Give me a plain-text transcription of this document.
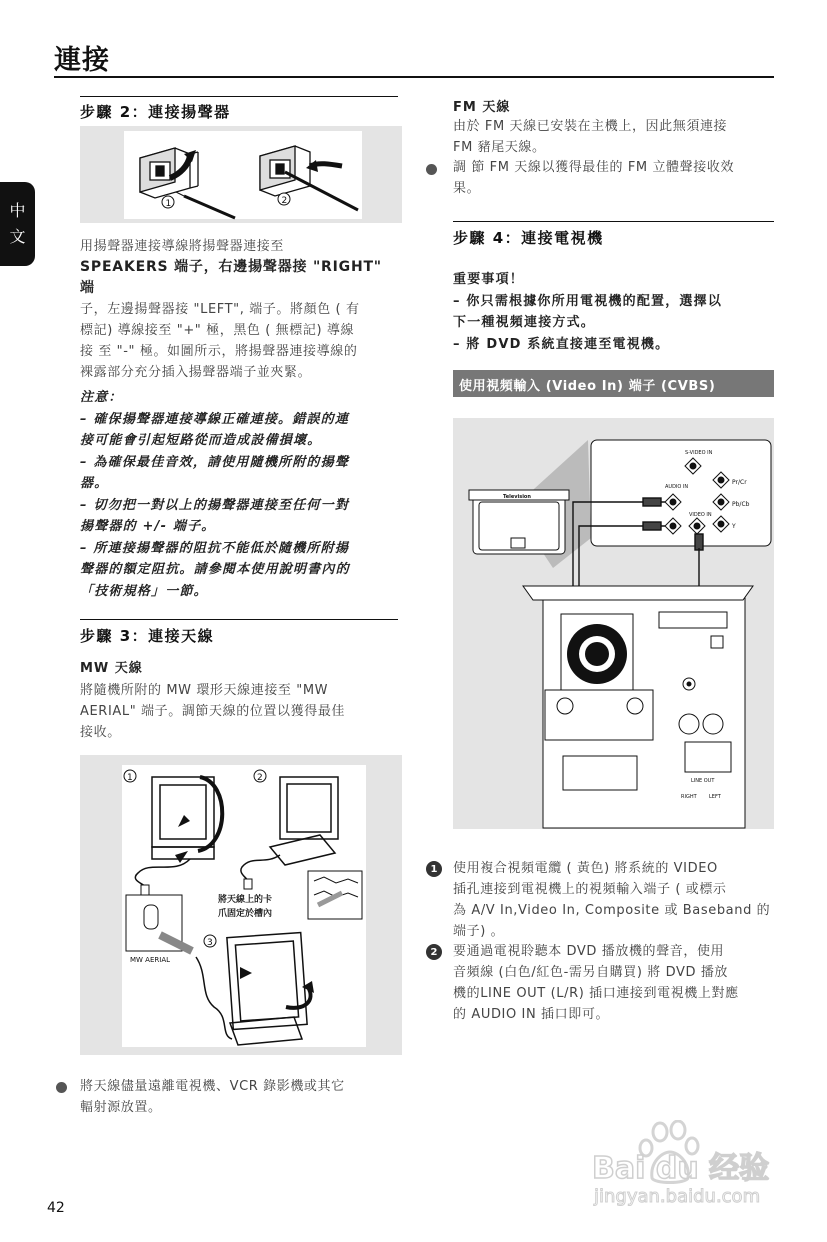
連接
中
文
步驟 2：連接揚聲器
1	2
用揚聲器連接導線將揚聲器連接至
SPEAKERS 端子，右邊揚聲器接 "RIGHT" 端
子，左邊揚聲器接 "LEFT", 端子。將顏色 ( 有
標記) 導線接至 "+" 極，黑色 ( 無標記) 導線
接 至 "-" 極。如圖所示，將揚聲器連接導線的
裸露部分充分插入揚聲器端子並夾緊。
注意：
– 確保揚聲器連接導線正確連接。錯誤的連
接可能會引起短路從而造成設備損壞。
– 為確保最佳音效，請使用隨機所附的揚聲
器。
– 切勿把一對以上的揚聲器連接至任何一對
揚聲器的 +/- 端子。
– 所連接揚聲器的阻抗不能低於隨機所附揚
聲器的額定阻抗。請參閱本使用說明書內的
「技術規格」一節。
步驟 3：連接天線
MW 天線
將隨機所附的 MW 環形天線連接至 "MW
AERIAL" 端子。調節天線的位置以獲得最佳
接收。
1	2
將天線上的卡
爪固定於槽內
MW AERIAL
3
將天線儘量遠離電視機、VCR 錄影機或其它
輻射源放置。
FM 天線
由於 FM 天線已安裝在主機上，因此無須連接
FM 豬尾天線。
調 節 FM 天線以獲得最佳的 FM 立體聲接收效
果。
步驟 4：連接電視機
重要事項！
– 你只需根據你所用電視機的配置，選擇以
下一種視頻連接方式。
– 將 DVD 系統直接連至電視機。
使用視頻輸入 (Video In) 端子 (CVBS)
S-VIDEO IN
AUDIO IN
VIDEO IN
Pr/Cr
Pb/Cb
Y
Television
LINE OUT
RIGHT LEFT
1	使用複合視頻電纜 ( 黃色) 將系統的 VIDEO
插孔連接到電視機上的視頻輸入端子 ( 或標示
為 A/V In,Video In, Composite 或 Baseband 的
端子) 。
2	要通過電視聆聽本 DVD 播放機的聲音，使用
音頻線 (白色/紅色-需另自購買) 將 DVD 播放
機的LINE OUT (L/R) 插口連接到電視機上對應
的 AUDIO IN 插口即可。
42
Bai du 经验
jingyan.baidu.com
